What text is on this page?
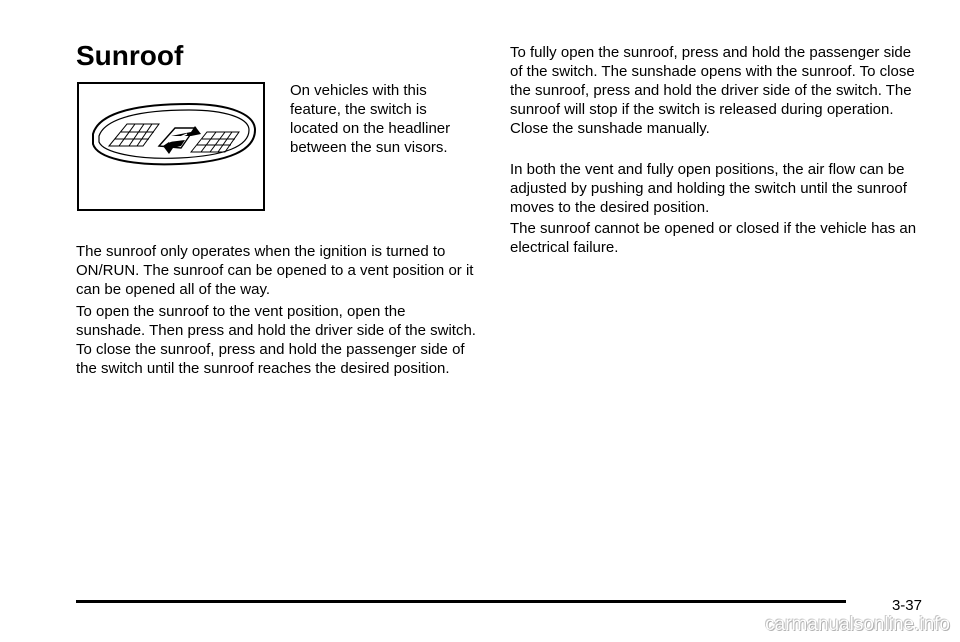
Sunroof

On vehicles with this feature, the switch is located on the headliner between the sun visors.

The sunroof only operates when the ignition is turned to ON/RUN. The sunroof can be opened to a vent position or it can be opened all of the way.

To open the sunroof to the vent position, open the sunshade. Then press and hold the driver side of the switch. To close the sunroof, press and hold the passenger side of the switch until the sunroof reaches the desired position.

To fully open the sunroof, press and hold the passenger side of the switch. The sunshade opens with the sunroof. To close the sunroof, press and hold the driver side of the switch. The sunroof will stop if the switch is released during operation. Close the sunshade manually.

In both the vent and fully open positions, the air flow can be adjusted by pushing and holding the switch until the sunroof moves to the desired position.

The sunroof cannot be opened or closed if the vehicle has an electrical failure.

3-37

carmanualsonline.info
